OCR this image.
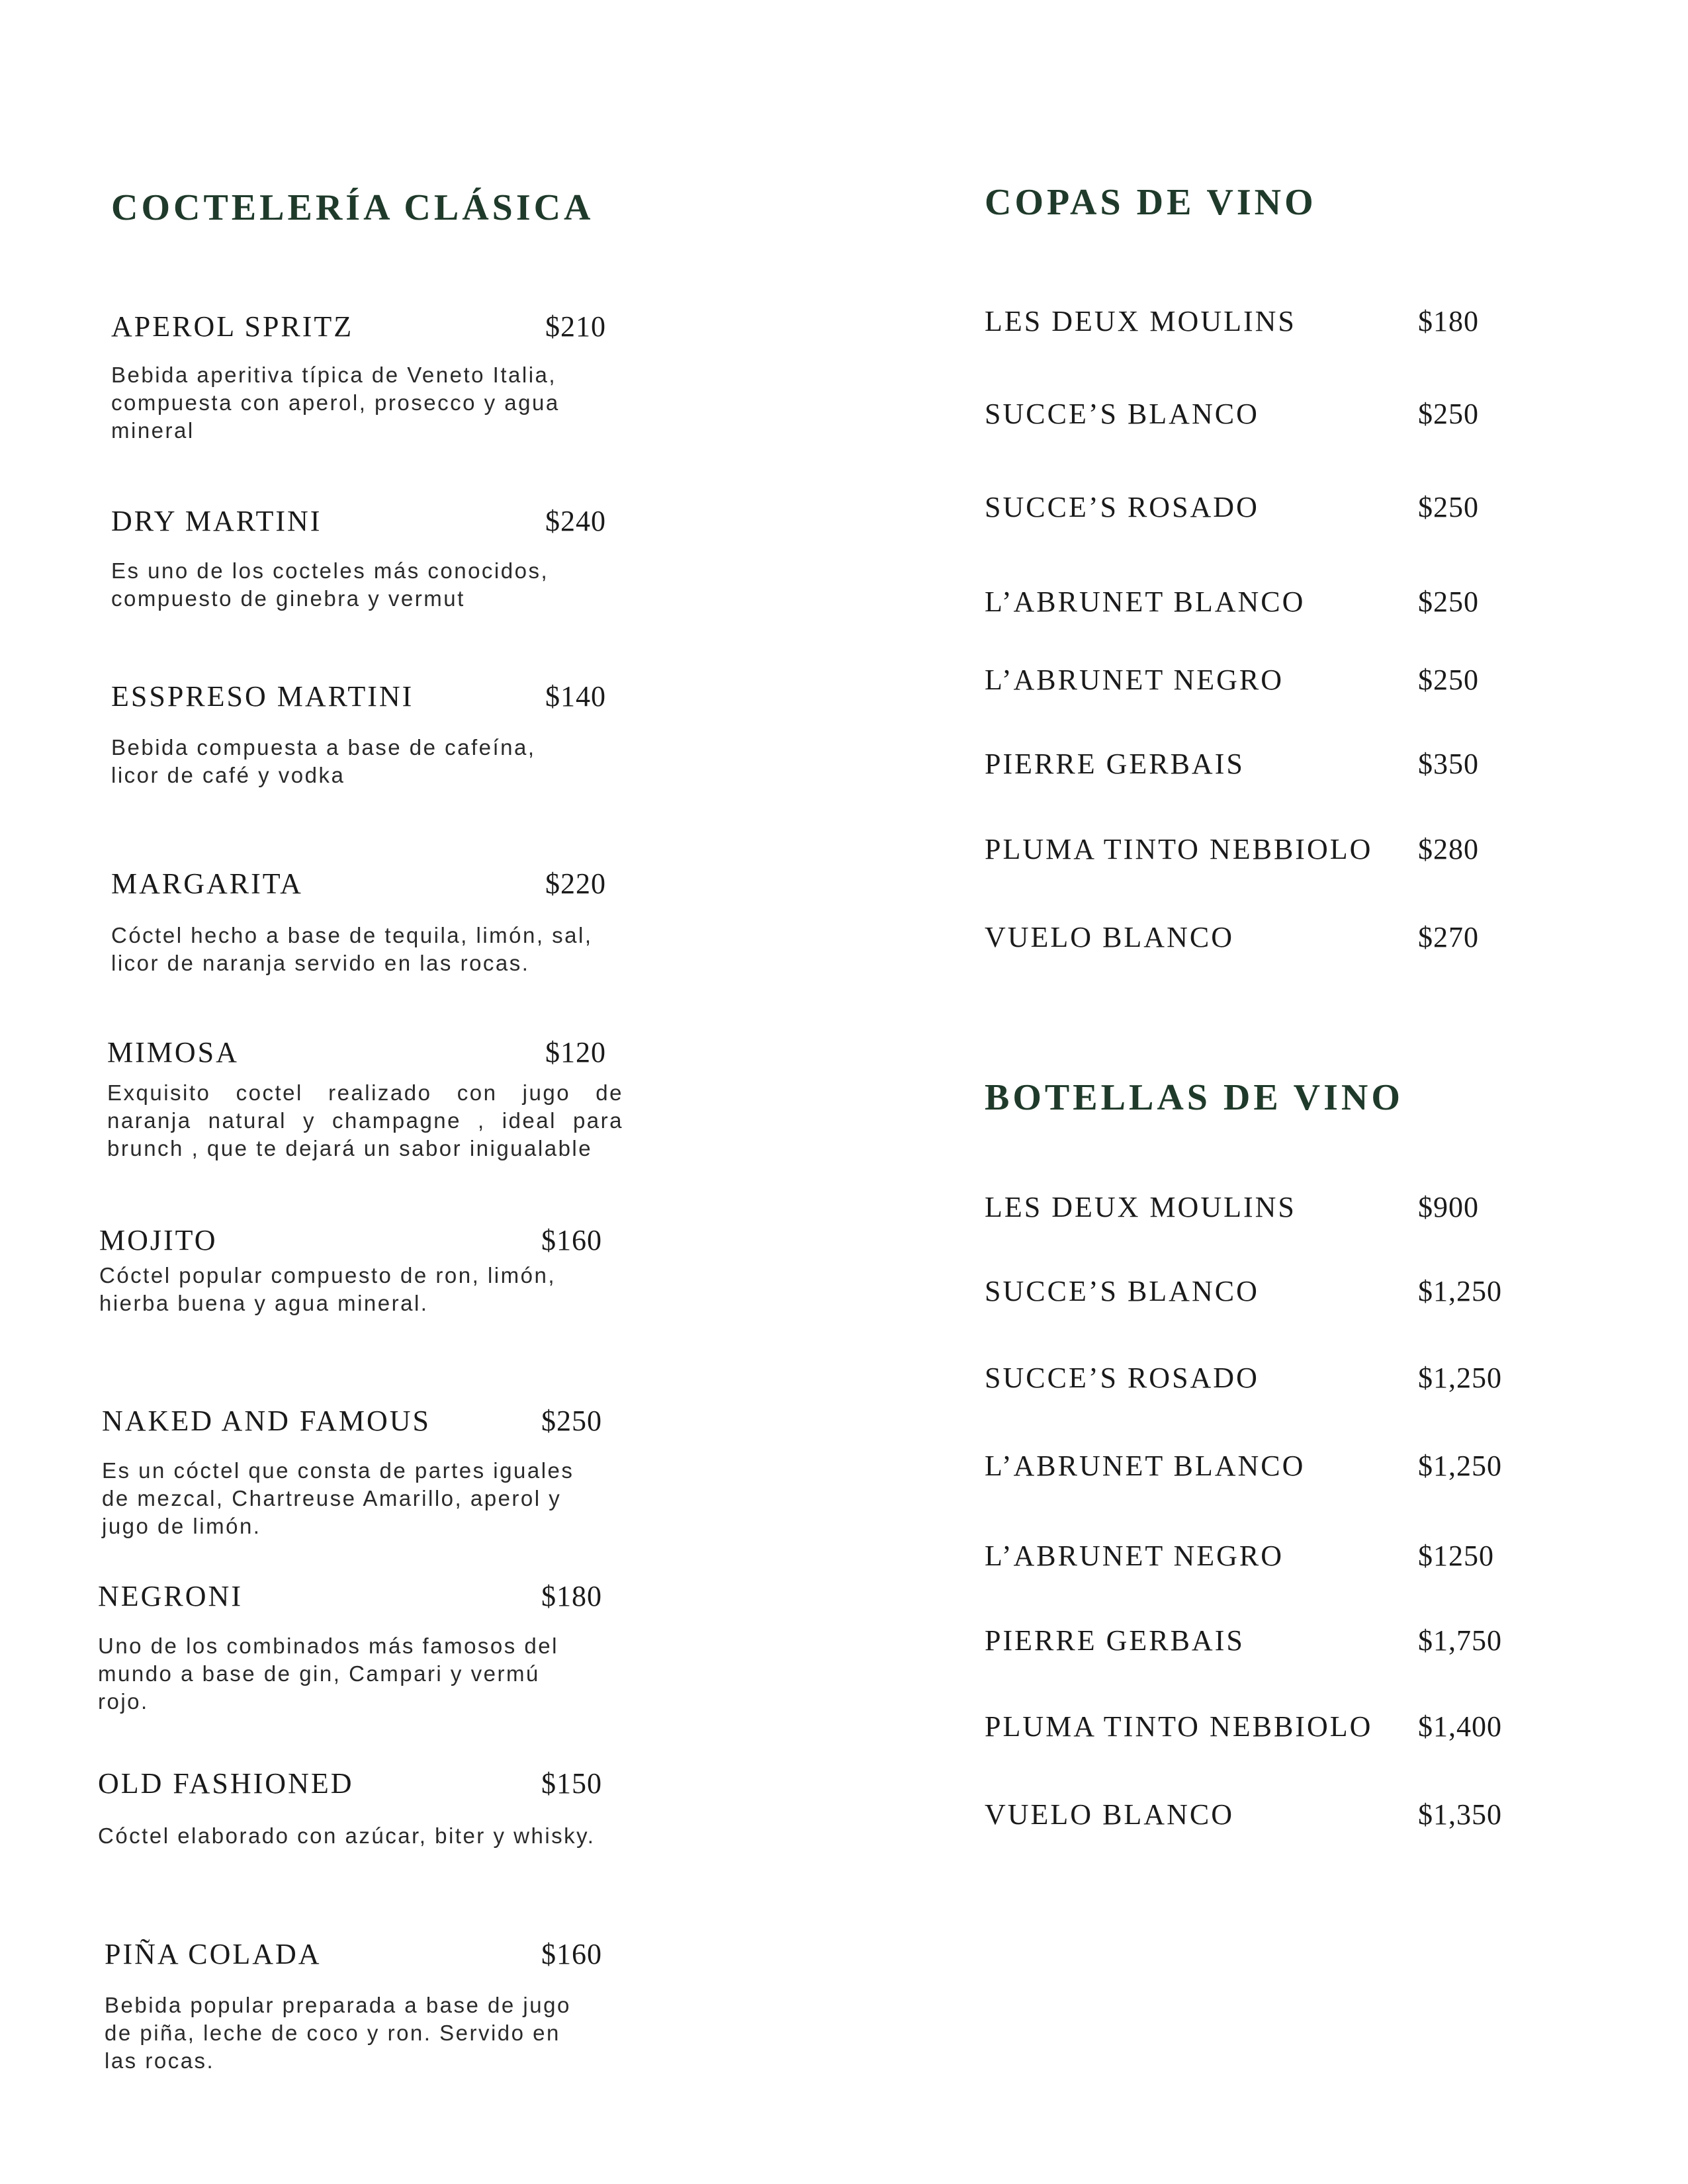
COCTELERÍA CLÁSICA
APEROL SPRITZ	$210
Bebida aperitiva típica de Veneto Italia,
compuesta con aperol, prosecco y agua
mineral
DRY MARTINI	$240
Es uno de los cocteles más conocidos,
compuesto de ginebra y vermut
ESSPRESO MARTINI	$140
Bebida compuesta a base de cafeína,
licor de café y vodka
MARGARITA	$220
Cóctel hecho a base de tequila, limón, sal,
licor de naranja servido en las rocas.
MIMOSA	$120
Exquisito coctel realizado con jugo de
naranja natural y champagne , ideal para
brunch , que te dejará un sabor inigualable
MOJITO	$160
Cóctel popular compuesto de ron, limón,
hierba buena y agua mineral.
NAKED AND FAMOUS	$250
Es un cóctel que consta de partes iguales
de mezcal, Chartreuse Amarillo, aperol y
jugo de limón.
NEGRONI	$180
Uno de los combinados más famosos del
mundo a base de gin, Campari y vermú
rojo.
OLD FASHIONED	$150
Cóctel elaborado con azúcar, biter y whisky.
PIÑA COLADA	$160
Bebida popular preparada a base de jugo
de piña, leche de coco y ron. Servido en
las rocas.
COPAS DE VINO
LES DEUX MOULINS	$180
SUCCE’S BLANCO	$250
SUCCE’S ROSADO	$250
L’ABRUNET BLANCO	$250
L’ABRUNET NEGRO	$250
PIERRE GERBAIS	$350
PLUMA TINTO NEBBIOLO $280
VUELO BLANCO	$270
BOTELLAS DE VINO
LES DEUX MOULINS	$900
SUCCE’S BLANCO	$1,250
SUCCE’S ROSADO	$1,250
L’ABRUNET BLANCO	$1,250
L’ABRUNET NEGRO	$1250
PIERRE GERBAIS	$1,750
PLUMA TINTO NEBBIOLO $1,400
VUELO BLANCO	$1,350
